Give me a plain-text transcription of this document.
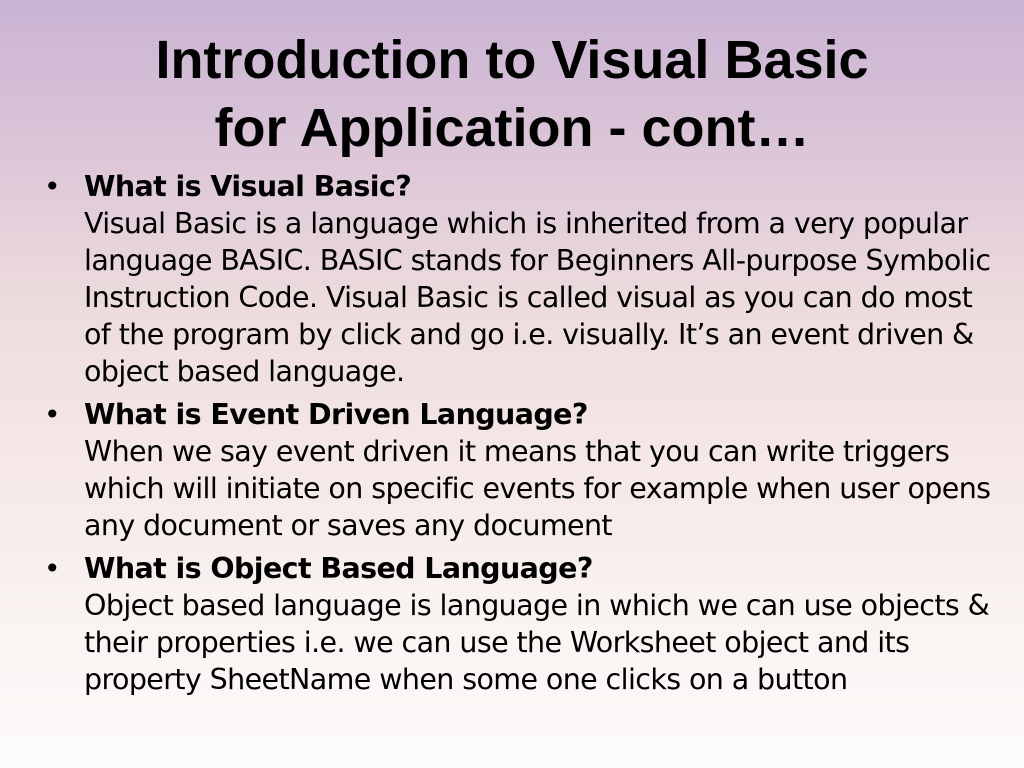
Introduction to Visual Basic
for Application - cont…
• What is Visual Basic?
Visual Basic is a language which is inherited from a very popular language BASIC. BASIC stands for Beginners All-purpose Symbolic Instruction Code. Visual Basic is called visual as you can do most of the program by click and go i.e. visually. It’s an event driven & object based language.
• What is Event Driven Language?
When we say event driven it means that you can write triggers which will initiate on specific events for example when user opens any document or saves any document
• What is Object Based Language?
Object based language is language in which we can use objects & their properties i.e. we can use the Worksheet object and its property SheetName when some one clicks on a button
